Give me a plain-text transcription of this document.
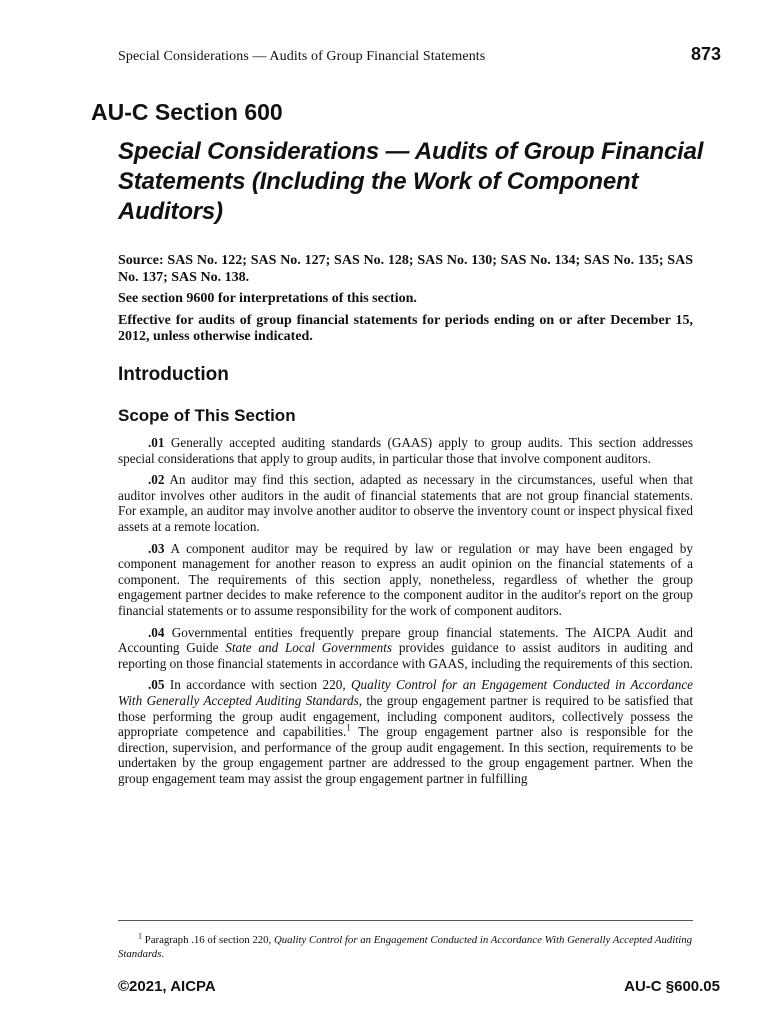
Special Considerations — Audits of Group Financial Statements	873
AU-C Section 600
Special Considerations — Audits of Group Financial Statements (Including the Work of Component Auditors)

Source: SAS No. 122; SAS No. 127; SAS No. 128; SAS No. 130; SAS No. 134; SAS No. 135; SAS No. 137; SAS No. 138.

See section 9600 for interpretations of this section.

Effective for audits of group financial statements for periods ending on or after December 15, 2012, unless otherwise indicated.

Introduction
Scope of This Section

.01 Generally accepted auditing standards (GAAS) apply to group audits. This section addresses special considerations that apply to group audits, in particular those that involve component auditors.

.02 An auditor may find this section, adapted as necessary in the circumstances, useful when that auditor involves other auditors in the audit of financial statements that are not group financial statements. For example, an auditor may involve another auditor to observe the inventory count or inspect physical fixed assets at a remote location.

.03 A component auditor may be required by law or regulation or may have been engaged by component management for another reason to express an audit opinion on the financial statements of a component. The requirements of this section apply, nonetheless, regardless of whether the group engagement partner decides to make reference to the component auditor in the auditor's report on the group financial statements or to assume responsibility for the work of component auditors.

.04 Governmental entities frequently prepare group financial statements. The AICPA Audit and Accounting Guide State and Local Governments provides guidance to assist auditors in auditing and reporting on those financial statements in accordance with GAAS, including the requirements of this section.

.05 In accordance with section 220, Quality Control for an Engagement Conducted in Accordance With Generally Accepted Auditing Standards, the group engagement partner is required to be satisfied that those performing the group audit engagement, including component auditors, collectively possess the appropriate competence and capabilities.$^1$ The group engagement partner also is responsible for the direction, supervision, and performance of the group audit engagement. In this section, requirements to be undertaken by the group engagement partner are addressed to the group engagement partner. When the group engagement team may assist the group engagement partner in fulfilling

$^1$ Paragraph .16 of section 220, Quality Control for an Engagement Conducted in Accordance With Generally Accepted Auditing Standards.
©2021, AICPA	AU-C §600.05
